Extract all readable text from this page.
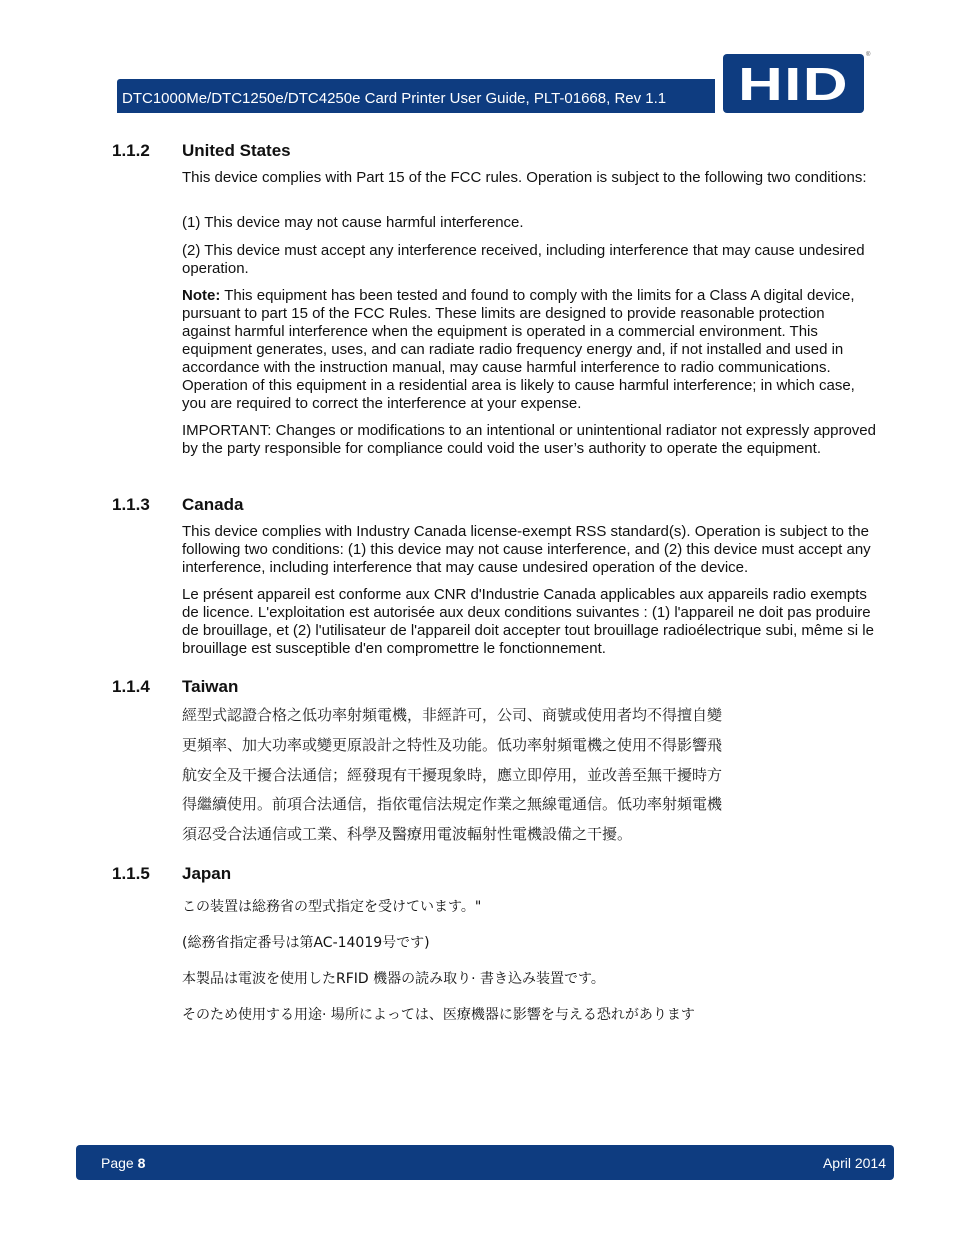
DTC1000Me/DTC1250e/DTC4250e Card Printer User Guide, PLT-01668, Rev 1.1	HID
®
1.1.2 United States

This device complies with Part 15 of the FCC rules. Operation is subject to the following two conditions:

(1) This device may not cause harmful interference.

(2) This device must accept any interference received, including interference that may cause undesired operation.

Note: This equipment has been tested and found to comply with the limits for a Class A digital device, pursuant to part 15 of the FCC Rules. These limits are designed to provide reasonable protection against harmful interference when the equipment is operated in a commercial environment. This equipment generates, uses, and can radiate radio frequency energy and, if not installed and used in accordance with the instruction manual, may cause harmful interference to radio communications. Operation of this equipment in a residential area is likely to cause harmful interference; in which case, you are required to correct the interference at your expense.

IMPORTANT: Changes or modifications to an intentional or unintentional radiator not expressly approved by the party responsible for compliance could void the user’s authority to operate the equipment.

1.1.3 Canada

This device complies with Industry Canada license-exempt RSS standard(s). Operation is subject to the following two conditions: (1) this device may not cause interference, and (2) this device must accept any interference, including interference that may cause undesired operation of the device.

Le présent appareil est conforme aux CNR d'Industrie Canada applicables aux appareils radio exempts de licence. L'exploitation est autorisée aux deux conditions suivantes : (1) l'appareil ne doit pas produire de brouillage, et (2) l'utilisateur de l'appareil doit accepter tout brouillage radioélectrique subi, même si le brouillage est susceptible d'en compromettre le fonctionnement.

1.1.4 Taiwan
經型式認證合格之低功率射頻電機，非經許可，公司、商號或使用者均不得擅自變
更頻率、加大功率或變更原設計之特性及功能。低功率射頻電機之使用不得影響飛
航安全及干擾合法通信；經發現有干擾現象時，應立即停用，並改善至無干擾時方
得繼續使用。前項合法通信，指依電信法規定作業之無線電通信。低功率射頻電機
須忍受合法通信或工業、科學及醫療用電波輻射性電機設備之干擾。
1.1.5 Japan
この装置は総務省の型式指定を受けています。"
(総務省指定番号は第AC-14019号です)
本製品は電波を使用したRFID 機器の読み取り· 書き込み装置です。
そのため使用する用途· 場所によっては、医療機器に影響を与える恐れがあります
Page 8	April 2014
